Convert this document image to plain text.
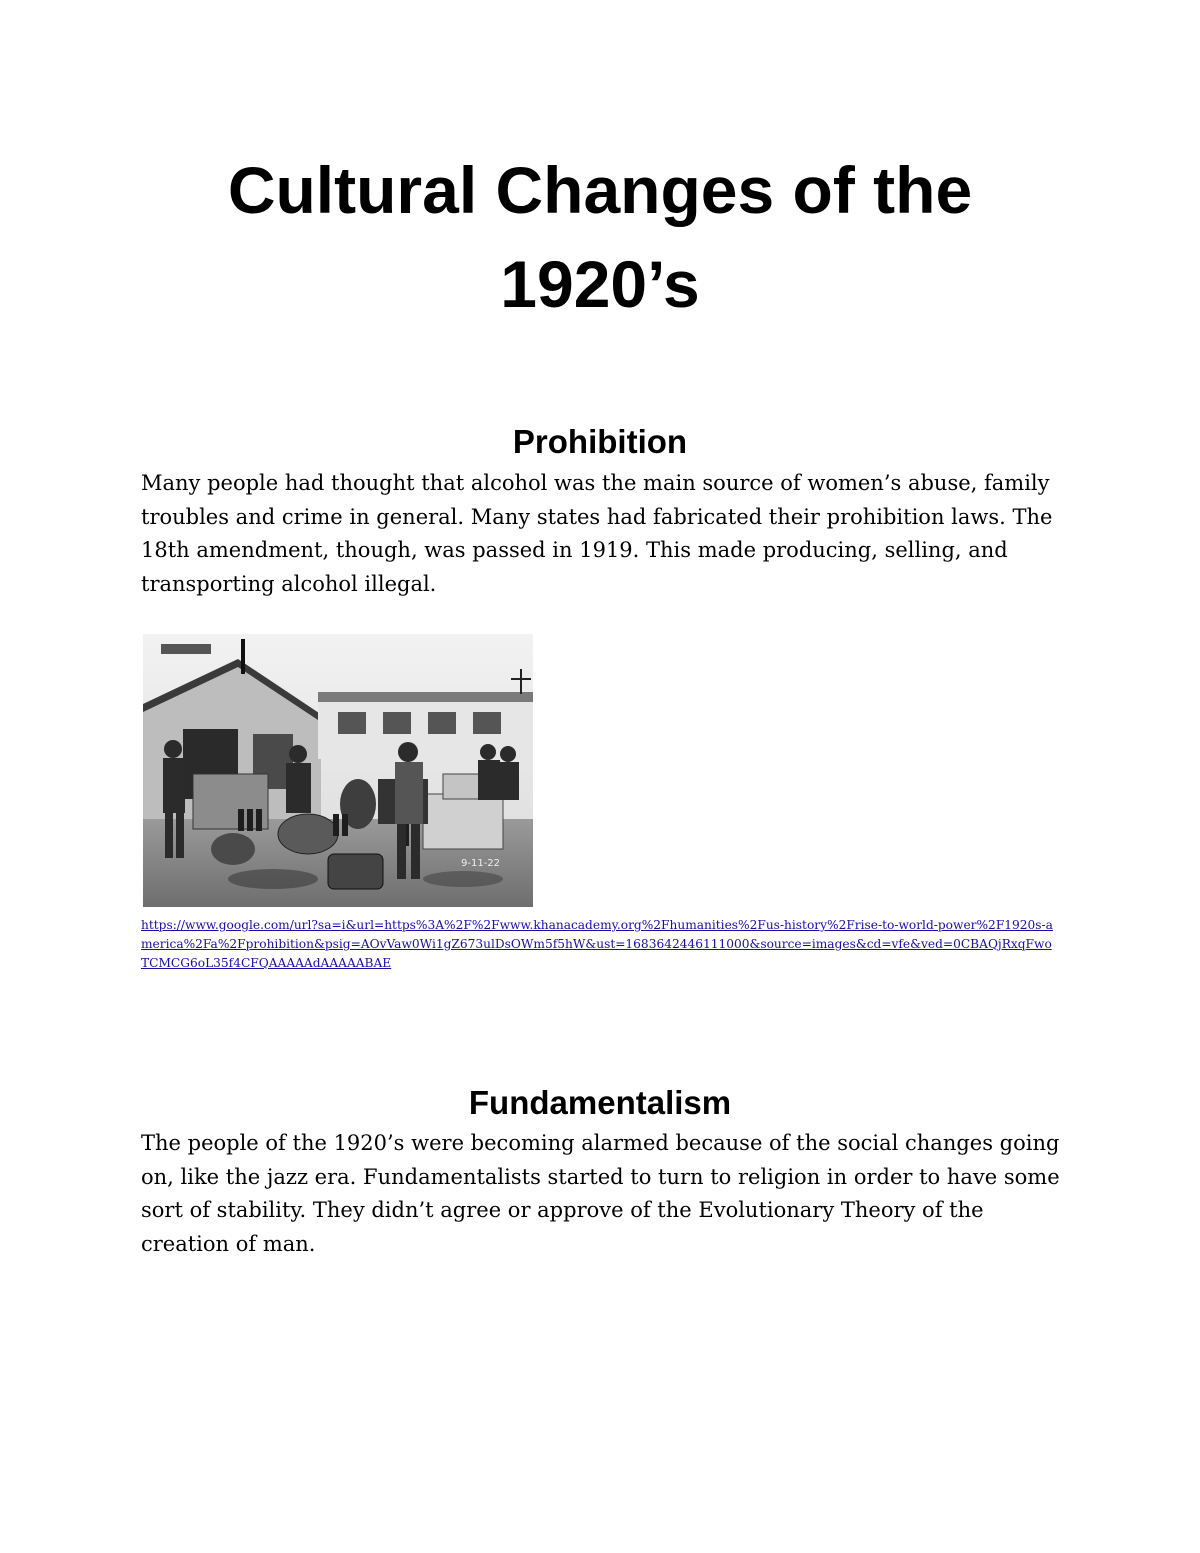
Cultural Changes of the
1920’s
Prohibition

Many people had thought that alcohol was the main source of women’s abuse, family troubles and crime in general. Many states had fabricated their prohibition laws. The 18th amendment, though, was passed in 1919. This made producing, selling, and transporting alcohol illegal.

9-11-22
https://www.google.com/url?sa=i&url=https%3A%2F%2Fwww.khanacademy.org%2Fhumanities%2Fus-history%2Frise-to-world-power%2F1920s-america%2Fa%2Fprohibition&psig=AOvVaw0Wi1gZ673ulDsOWm5f5hW&ust=1683642446111000&source=images&cd=vfe&ved=0CBAQjRxqFwoTCMCG6oL35f4CFQAAAAAdAAAAABAE
Fundamentalism

The people of the 1920’s were becoming alarmed because of the social changes going on, like the jazz era. Fundamentalists started to turn to religion in order to have some sort of stability. They didn’t agree or approve of the Evolutionary Theory of the creation of man.
